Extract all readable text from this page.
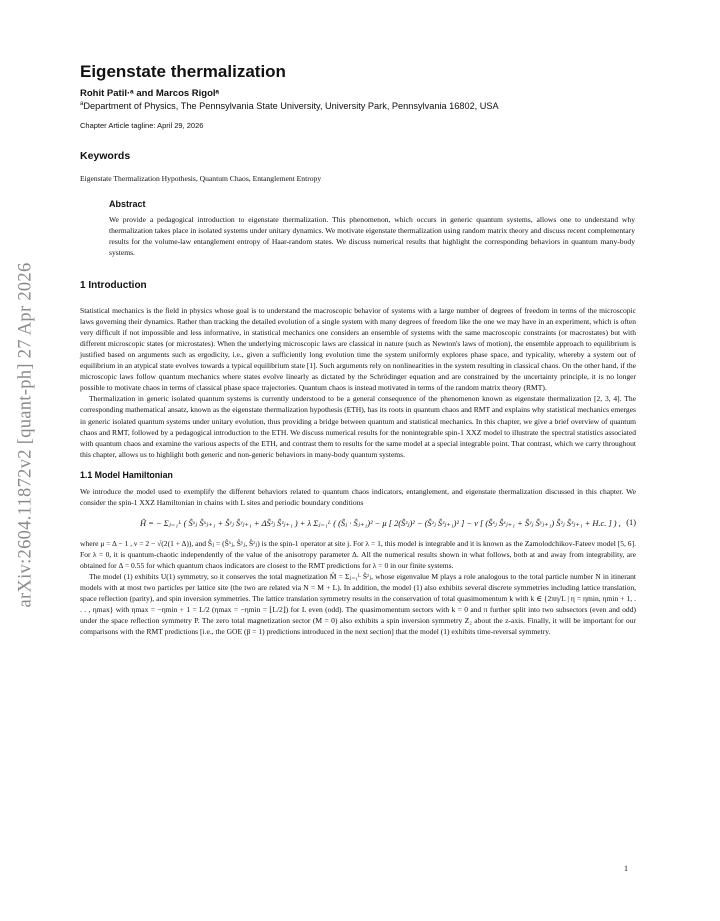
arXiv:2604.11872v2 [quant-ph] 27 Apr 2026
Eigenstate thermalization
Rohit Patil·ᵃ and Marcos Rigolᵃ
$^a$Department of Physics, The Pennsylvania State University, University Park, Pennsylvania 16802, USA
Chapter Article tagline: April 29, 2026
Keywords
Eigenstate Thermalization Hypothesis, Quantum Chaos, Entanglement Entropy
Abstract

We provide a pedagogical introduction to eigenstate thermalization. This phenomenon, which occurs in generic quantum systems, allows one to understand why thermalization takes place in isolated systems under unitary dynamics. We motivate eigenstate thermalization using random matrix theory and discuss recent complementary results for the volume-law entanglement entropy of Haar-random states. We discuss numerical results that highlight the corresponding behaviors in quantum many-body systems.

1 Introduction

Statistical mechanics is the field in physics whose goal is to understand the macroscopic behavior of systems with a large number of degrees of freedom in terms of the microscopic laws governing their dynamics. Rather than tracking the detailed evolution of a single system with many degrees of freedom like the one we may have in an experiment, which is often very difficult if not impossible and less informative, in statistical mechanics one considers an ensemble of systems with the same macroscopic constraints (or macrostates) but with different microscopic states (or microstates). When the underlying microscopic laws are classical in nature (such as Newton's laws of motion), the ensemble approach to equilibrium is justified based on arguments such as ergodicity, i.e., given a sufficiently long evolution time the system uniformly explores phase space, and typicality, whereby a system out of equilibrium in an atypical state evolves towards a typical equilibrium state [1]. Such arguments rely on nonlinearities in the system resulting in classical chaos. On the other hand, if the microscopic laws follow quantum mechanics where states evolve linearly as dictated by the Schrödinger equation and are constrained by the uncertainty principle, it is no longer possible to motivate chaos in terms of classical phase space trajectories. Quantum chaos is instead motivated in terms of the random matrix theory (RMT).

Thermalization in generic isolated quantum systems is currently understood to be a general consequence of the phenomenon known as eigenstate thermalization [2, 3, 4]. The corresponding mathematical ansatz, known as the eigenstate thermalization hypothesis (ETH), has its roots in quantum chaos and RMT and explains why statistical mechanics emerges in generic isolated quantum systems under unitary evolution, thus providing a bridge between quantum and statistical mechanics. In this chapter, we give a brief overview of quantum chaos and RMT, followed by a pedagogical introduction to the ETH. We discuss numerical results for the nonintegrable spin-1 XXZ model to illustrate the spectral statistics associated with quantum chaos and examine the various aspects of the ETH, and contrast them to results for the same model at a special integrable point. That contrast, which we carry throughout this chapter, allows us to highlight both generic and non-generic behaviors in many-body quantum systems.

1.1 Model Hamiltonian

We introduce the model used to exemplify the different behaviors related to quantum chaos indicators, entanglement, and eigenstate thermalization discussed in this chapter. We consider the spin-1 XXZ Hamiltonian in chains with L sites and periodic boundary conditions

Ĥ = − Σⱼ₌₁ᴸ ( Ŝˣⱼ Ŝˣⱼ₊₁ + Ŝʸⱼ Ŝʸⱼ₊₁ + ΔŜᶻⱼ Ŝᶻⱼ₊₁ ) + λ Σⱼ₌₁ᴸ ( (Ŝⱼ · Ŝⱼ₊₁)² − μ [ 2(Ŝᶻⱼ)² − (Ŝᶻⱼ Ŝᶻⱼ₊₁)² ] − ν [ (Ŝˣⱼ Ŝˣⱼ₊₁ + Ŝʸⱼ Ŝʸⱼ₊₁) Ŝᶻⱼ Ŝᶻⱼ₊₁ + H.c. ] ) , (1)

where μ = Δ − 1 , ν = 2 − √(2(1 + Δ)), and Ŝⱼ = (Ŝˣⱼ, Ŝʸⱼ, Ŝᶻⱼ) is the spin-1 operator at site j. For λ = 1, this model is integrable and it is known as the Zamolodchikov-Fateev model [5, 6]. For λ = 0, it is quantum-chaotic independently of the value of the anisotropy parameter Δ. All the numerical results shown in what follows, both at and away from integrability, are obtained for Δ = 0.55 for which quantum chaos indicators are closest to the RMT predictions for λ = 0 in our finite systems.

The model (1) exhibits U(1) symmetry, so it conserves the total magnetization M̂ = Σⱼ₌₁ᴸ Ŝᶻⱼ, whose eigenvalue M plays a role analogous to the total particle number N in itinerant models with at most two particles per lattice site (the two are related via N = M + L). In addition, the model (1) also exhibits several discrete symmetries including lattice translation, space reflection (parity), and spin inversion symmetries. The lattice translation symmetry results in the conservation of total quasimomentum k with k ∈ {2πη/L | η = ηmin, ηmin + 1, . . . , ηmax} with ηmax = −ηmin + 1 = L/2 (ηmax = −ηmin = ⌊L/2⌋) for L even (odd). The quasimomentum sectors with k = 0 and π further split into two subsectors (even and odd) under the space reflection symmetry P. The zero total magnetization sector (M = 0) also exhibits a spin inversion symmetry Z₂ about the z-axis. Finally, it will be important for our comparisons with the RMT predictions [i.e., the GOE (β = 1) predictions introduced in the next section] that the model (1) exhibits time-reversal symmetry.

1
